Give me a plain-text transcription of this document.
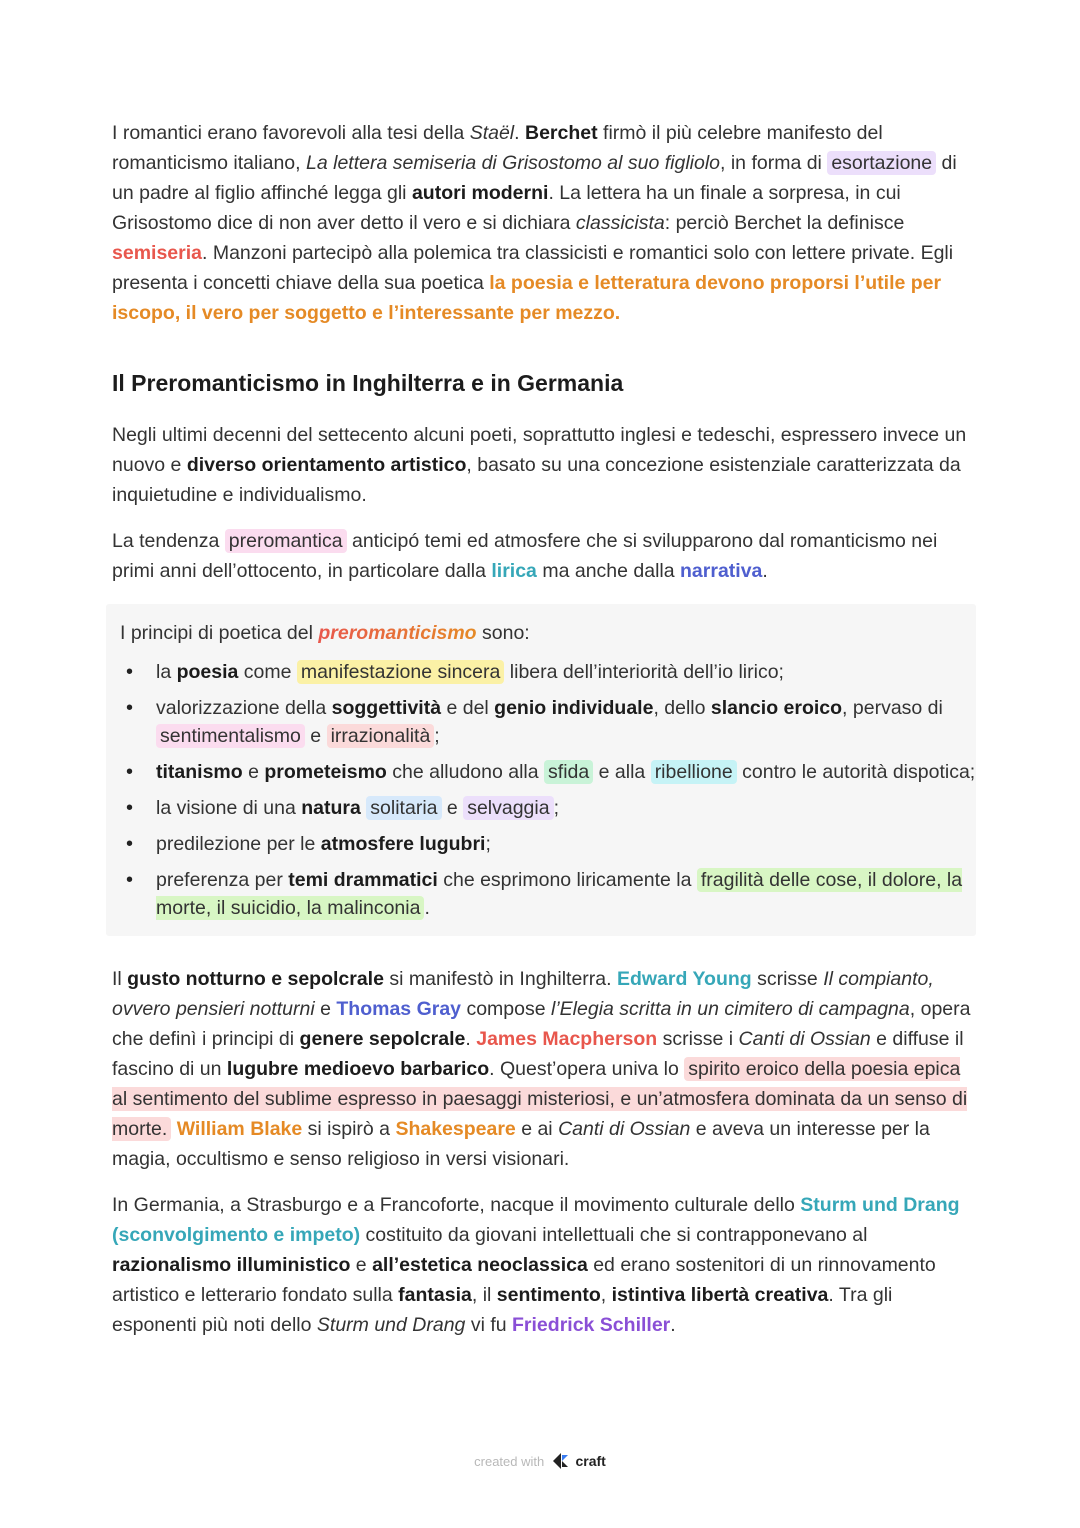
I romantici erano favorevoli alla tesi della Staël. Berchet firmò il più celebre manifesto del romanticismo italiano, La lettera semiseria di Grisostomo al suo figliolo, in forma di esortazione di un padre al figlio affinché legga gli autori moderni. La lettera ha un finale a sorpresa, in cui Grisostomo dice di non aver detto il vero e si dichiara classicista: perciò Berchet la definisce semiseria. Manzoni partecipò alla polemica tra classicisti e romantici solo con lettere private. Egli presenta i concetti chiave della sua poetica la poesia e letteratura devono proporsi l’utile per iscopo, il vero per soggetto e l’interessante per mezzo.

Il Preromanticismo in Inghilterra e in Germania

Negli ultimi decenni del settecento alcuni poeti, soprattutto inglesi e tedeschi, espressero invece un nuovo e diverso orientamento artistico, basato su una concezione esistenziale caratterizzata da inquietudine e individualismo.

La tendenza preromantica anticipó temi ed atmosfere che si svilupparono dal romanticismo nei primi anni dell’ottocento, in particolare dalla lirica ma anche dalla narrativa.

I principi di poetica del preromanticismo sono:

• la poesia come manifestazione sincera libera dell’interiorità dell’io lirico;
• valorizzazione della soggettività e del genio individuale, dello slancio eroico, pervaso di sentimentalismo e irrazionalità ;
• titanismo e prometeismo che alludono alla sfida e alla ribellione contro le autorità dispotica;
• la visione di una natura solitaria e selvaggia ;
• predilezione per le atmosfere lugubri;
• preferenza per temi drammatici che esprimono liricamente la fragilità delle cose, il dolore, la morte, il suicidio, la malinconia .

Il gusto notturno e sepolcrale si manifestò in Inghilterra. Edward Young scrisse Il compianto, ovvero pensieri notturni e Thomas Gray compose l’Elegia scritta in un cimitero di campagna, opera che definì i principi di genere sepolcrale. James Macpherson scrisse i Canti di Ossian e diffuse il fascino di un lugubre medioevo barbarico. Quest’opera univa lo spirito eroico della poesia epica al sentimento del sublime espresso in paesaggi misteriosi, e un’atmosfera dominata da un senso di morte. William Blake si ispirò a Shakespeare e ai Canti di Ossian e aveva un interesse per la magia, occultismo e senso religioso in versi visionari.

In Germania, a Strasburgo e a Francoforte, nacque il movimento culturale dello Sturm und Drang (sconvolgimento e impeto) costituito da giovani intellettuali che si contrapponevano al razionalismo illuministico e all’estetica neoclassica ed erano sostenitori di un rinnovamento artistico e letterario fondato sulla fantasia, il sentimento, istintiva libertà creativa. Tra gli esponenti più noti dello Sturm und Drang vi fu Friedrick Schiller.

created with craft
